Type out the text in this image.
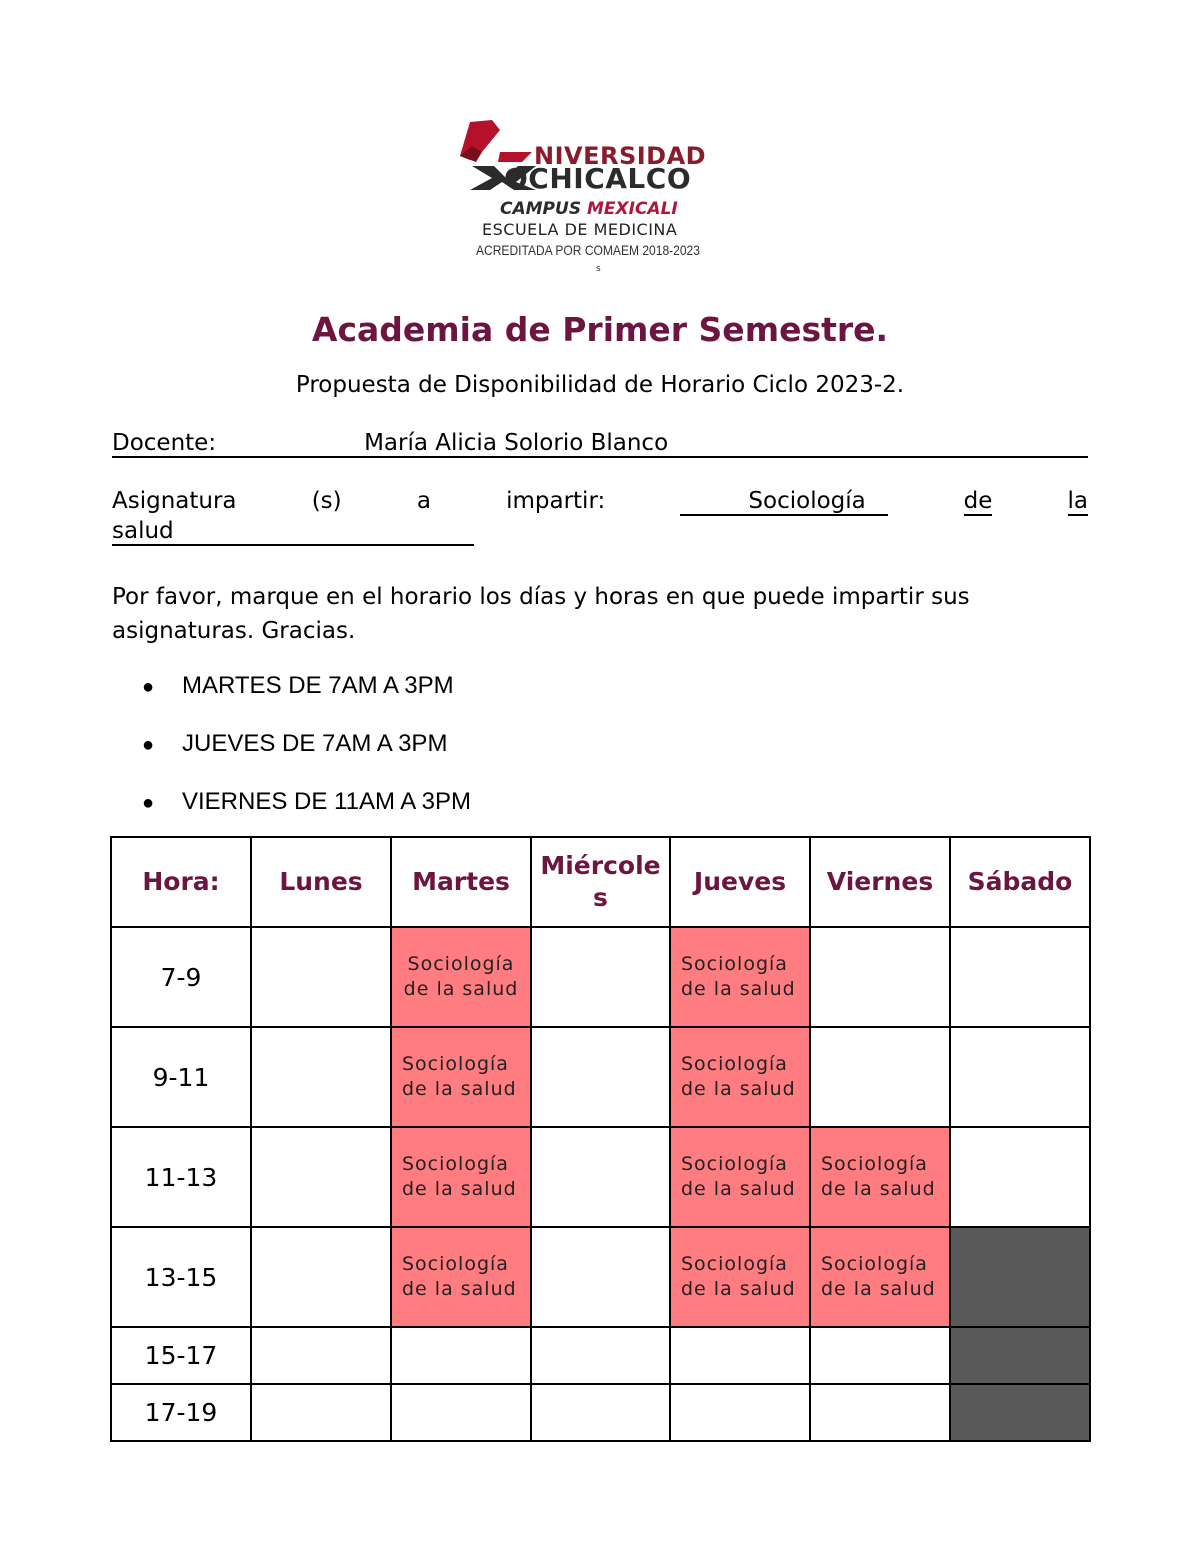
NIVERSIDAD
OCHICALCO
CAMPUS MEXICALI
ESCUELA DE MEDICINA
ACREDITADA POR COMAEM 2018-2023
s
Academia de Primer Semestre.
Propuesta de Disponibilidad de Horario Ciclo 2023-2.
Docente:	María Alicia Solorio Blanco
Asignatura	(s)	a	impartir:	Sociología	de	la
salud
Por favor, marque en el horario los días y horas en que puede impartir sus asignaturas. Gracias.
●	MARTES DE 7AM A 3PM
●	JUEVES DE 7AM A 3PM
●	VIERNES DE 11AM A 3PM
Hora:	Lunes	Martes	Miércoles	Jueves	Viernes	Sábado
7-9		Sociología de la salud		Sociología de la salud		
9-11		Sociología de la salud		Sociología de la salud		
11-13		Sociología de la salud		Sociología de la salud	Sociología de la salud	
13-15		Sociología de la salud		Sociología de la salud	Sociología de la salud	
15-17						
17-19						
